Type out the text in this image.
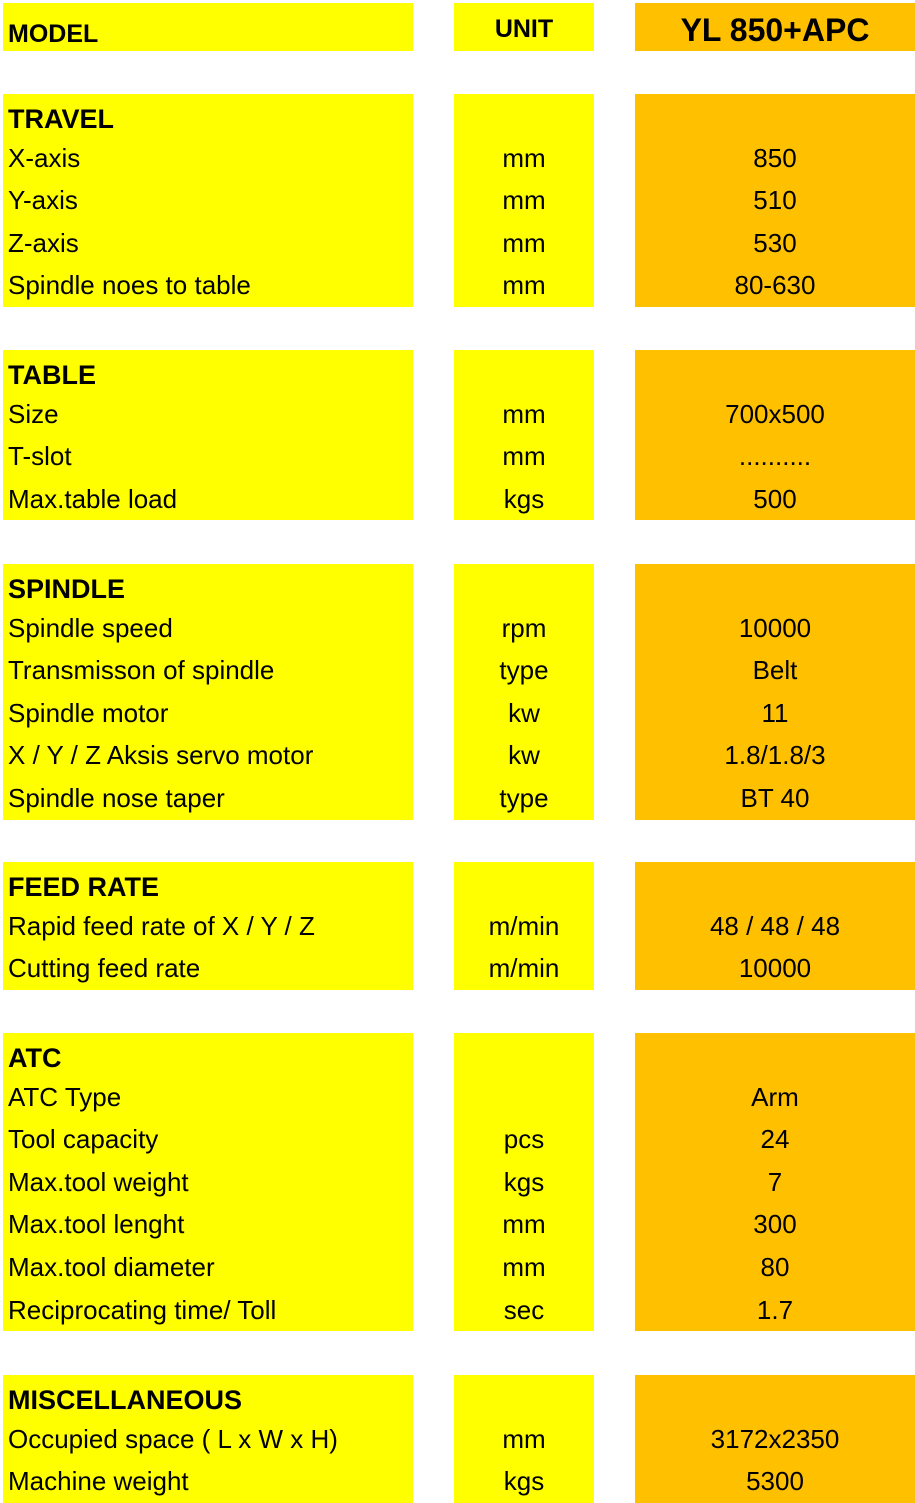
MODEL	UNIT	YL 850+APC
TRAVEL
X-axis
Y-axis
Z-axis
Spindle noes to table
mm
mm
mm
mm
850
510
530
80-630
TABLE
Size
T-slot
Max.table load
mm
mm
kgs
700x500
..........
500
SPINDLE
Spindle speed
Transmisson of spindle
Spindle motor
X / Y / Z Aksis servo motor
Spindle nose taper
rpm
type
kw
kw
type
10000
Belt
11
1.8/1.8/3
BT 40
FEED RATE
Rapid feed rate of X / Y / Z
Cutting feed rate
m/min
m/min
48 / 48 / 48
10000
ATC
ATC Type
Tool capacity
Max.tool weight
Max.tool lenght
Max.tool diameter
Reciprocating time/ Toll
pcs
kgs
mm
mm
sec
Arm
24
7
300
80
1.7
MISCELLANEOUS
Occupied space ( L x W x H)
Machine weight
mm
kgs
3172x2350
5300
